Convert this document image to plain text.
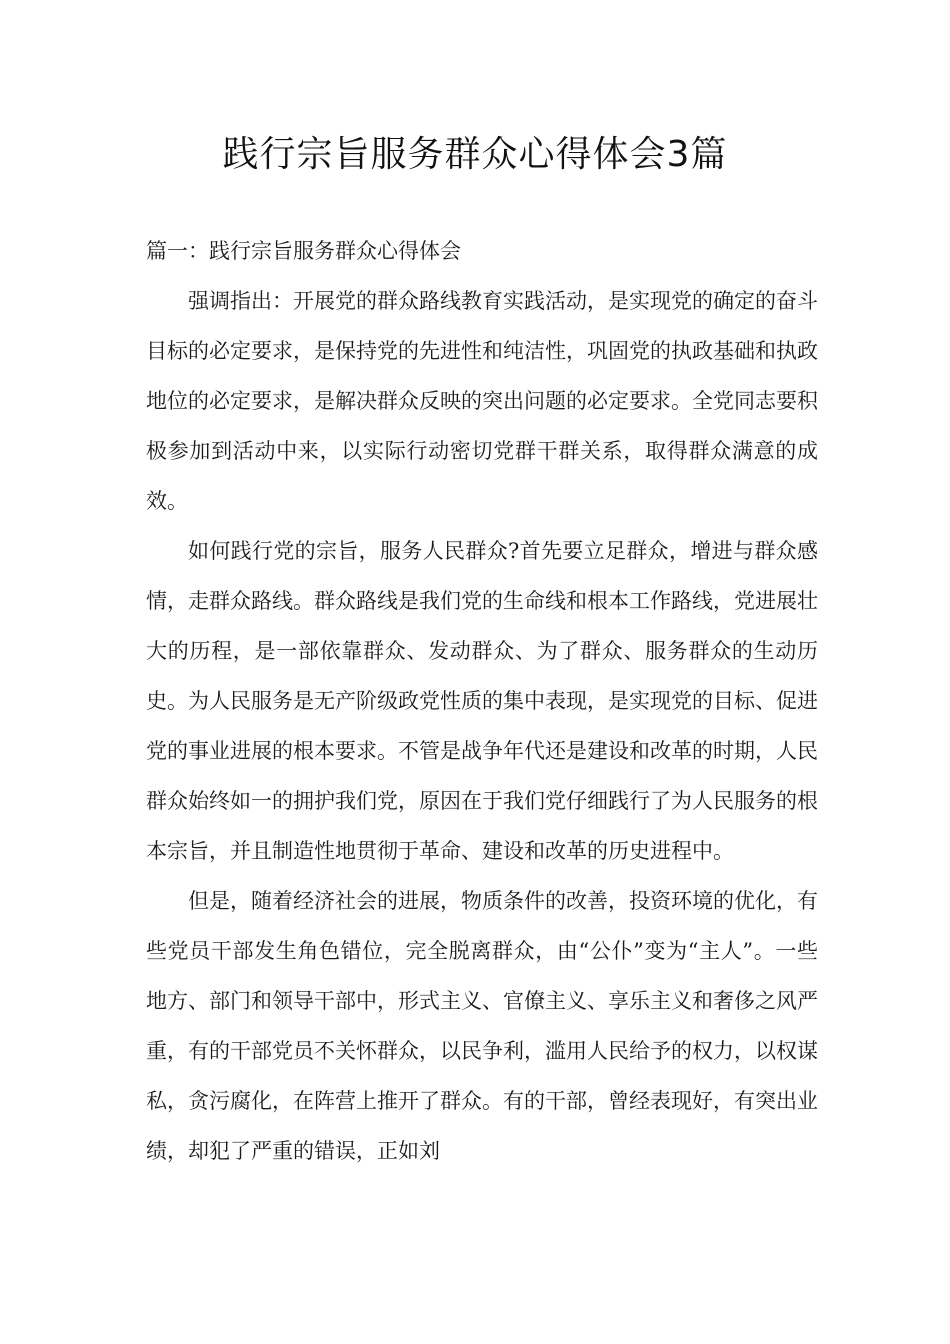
践行宗旨服务群众心得体会3篇

篇一：践行宗旨服务群众心得体会

强调指出：开展党的群众路线教育实践活动，是实现党的确定的奋斗目标的必定要求，是保持党的先进性和纯洁性，巩固党的执政基础和执政地位的必定要求，是解决群众反映的突出问题的必定要求。全党同志要积极参加到活动中来，以实际行动密切党群干群关系，取得群众满意的成效。

如何践行党的宗旨，服务人民群众?首先要立足群众，增进与群众感情，走群众路线。群众路线是我们党的生命线和根本工作路线，党进展壮大的历程，是一部依靠群众、发动群众、为了群众、服务群众的生动历史。为人民服务是无产阶级政党性质的集中表现，是实现党的目标、促进党的事业进展的根本要求。不管是战争年代还是建设和改革的时期，人民群众始终如一的拥护我们党，原因在于我们党仔细践行了为人民服务的根本宗旨，并且制造性地贯彻于革命、建设和改革的历史进程中。

但是，随着经济社会的进展，物质条件的改善，投资环境的优化，有些党员干部发生角色错位，完全脱离群众，由“公仆”变为“主人”。一些地方、部门和领导干部中，形式主义、官僚主义、享乐主义和奢侈之风严重，有的干部党员不关怀群众，以民争利，滥用人民给予的权力，以权谋私，贪污腐化，在阵营上推开了群众。有的干部，曾经表现好，有突出业绩，却犯了严重的错误，正如刘
